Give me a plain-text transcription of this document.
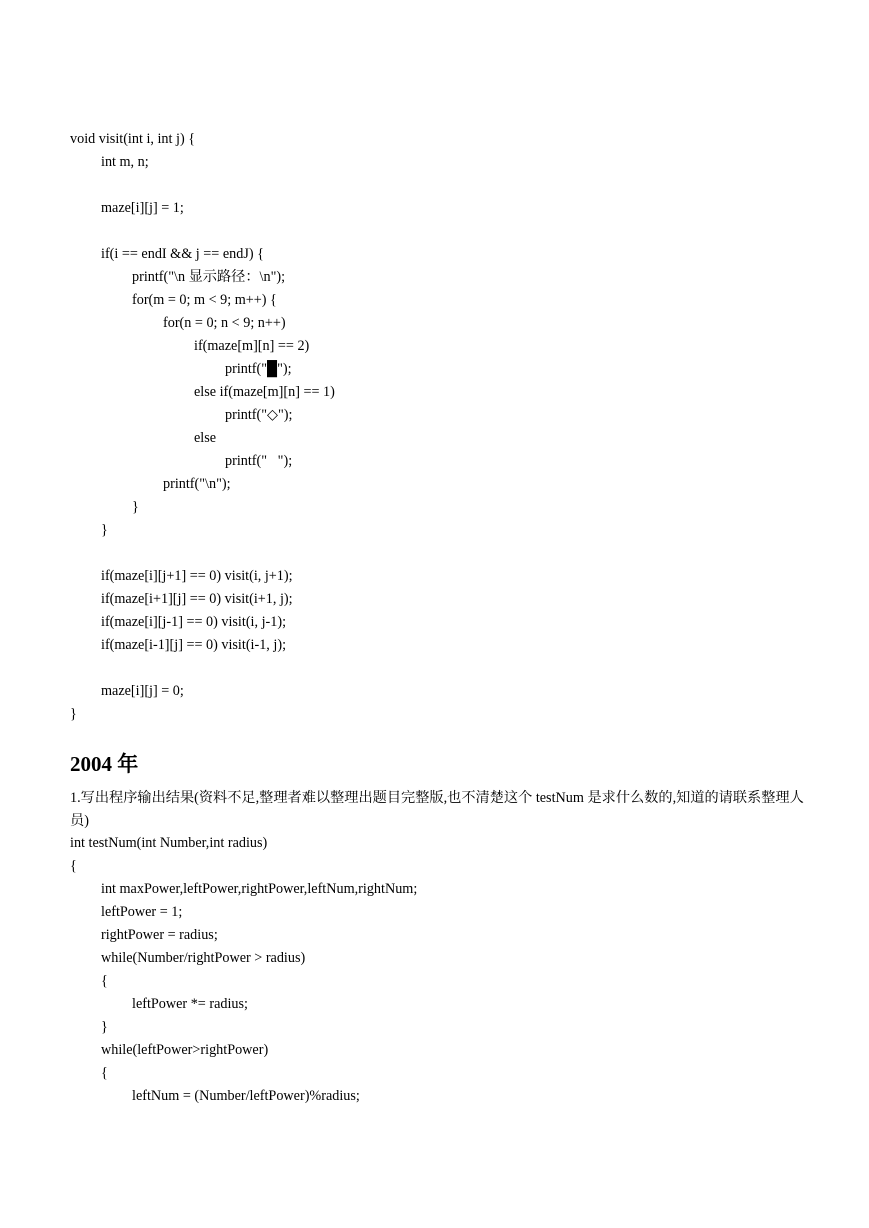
void visit(int i, int j) {
int m, n;
maze[i][j] = 1;
if(i == endI && j == endJ) {
printf("\n 显示路径：\n");
for(m = 0; m < 9; m++) {
for(n = 0; n < 9; n++)
if(maze[m][n] == 2)
printf("█");
else if(maze[m][n] == 1)
printf("◇");
else
printf("   ");
printf("\n");
}
}
if(maze[i][j+1] == 0) visit(i, j+1);
if(maze[i+1][j] == 0) visit(i+1, j);
if(maze[i][j-1] == 0) visit(i, j-1);
if(maze[i-1][j] == 0) visit(i-1, j);
maze[i][j] = 0;
}
2004 年
1.写出程序输出结果(资料不足,整理者难以整理出题目完整版,也不清楚这个 testNum 是求什么数的,知道的请联系整理人员)
int testNum(int Number,int radius)
{
int maxPower,leftPower,rightPower,leftNum,rightNum;
leftPower = 1;
rightPower = radius;
while(Number/rightPower > radius)
{
leftPower *= radius;
}
while(leftPower>rightPower)
{
leftNum = (Number/leftPower)%radius;
